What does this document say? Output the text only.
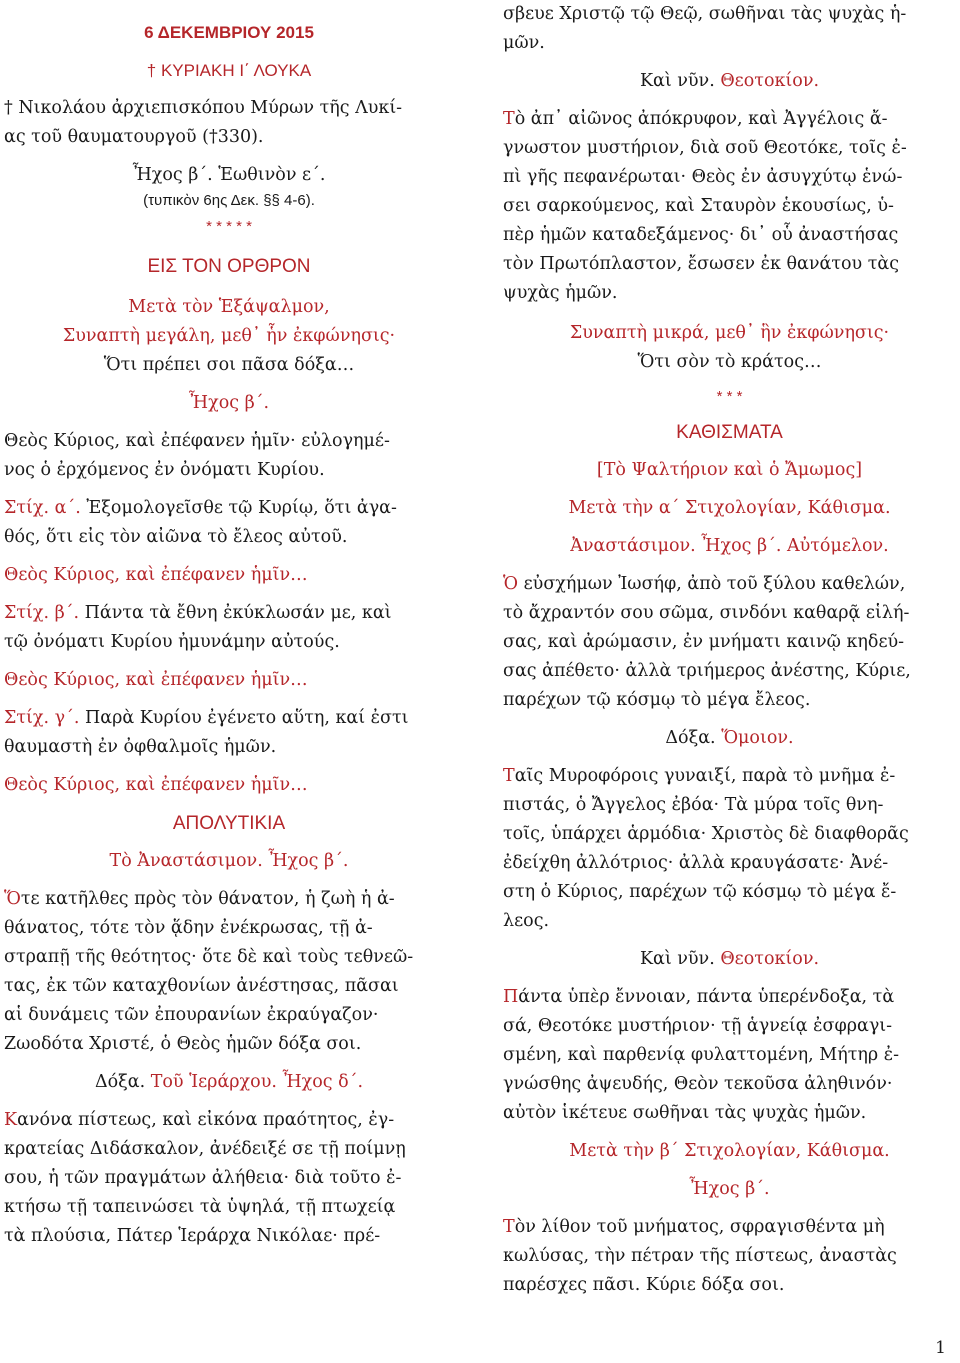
6 ΔΕΚΕΜΒΡΙΟΥ 2015

† ΚΥΡΙΑΚΗ Ι΄ ΛΟΥΚΑ

† Νικολάου ἀρχιεπισκόπου Μύρων τῆς Λυκί-

ας τοῦ θαυματουργοῦ (†330).

Ἦχος β΄. Ἑωθινὸν ε΄.

(τυπικὸν 6ης Δεκ. §§ 4-6).

* * * * *

ΕΙΣ ΤΟΝ ΟΡΘΡΟΝ

Μετὰ τὸν Ἑξάψαλμον,

Συναπτὴ μεγάλη, μεθ᾿ ἧν ἐκφώνησις·

Ὅτι πρέπει σοι πᾶσα δόξα…

Ἦχος β΄.

Θεὸς Κύριος, καὶ ἐπέφανεν ἡμῖν· εὐλογημέ-

νος ὁ ἐρχόμενος ἐν ὀνόματι Κυρίου.

Στίχ. α΄. Ἐξομολογεῖσθε τῷ Κυρίῳ, ὅτι ἀγα-

θός, ὅτι εἰς τὸν αἰῶνα τὸ ἔλεος αὐτοῦ.

Θεὸς Κύριος, καὶ ἐπέφανεν ἡμῖν…

Στίχ. β΄. Πάντα τὰ ἔθνη ἐκύκλωσάν με, καὶ

τῷ ὀνόματι Κυρίου ἠμυνάμην αὐτούς.

Θεὸς Κύριος, καὶ ἐπέφανεν ἡμῖν…

Στίχ. γ΄. Παρὰ Κυρίου ἐγένετο αὕτη, καί ἐστι

θαυμαστὴ ἐν ὀφθαλμοῖς ἡμῶν.

Θεὸς Κύριος, καὶ ἐπέφανεν ἡμῖν…

ΑΠΟΛΥΤΙΚΙΑ

Τὸ Ἀναστάσιμον. Ἦχος β΄.

Ὅτε κατῆλθες πρὸς τὸν θάνατον, ἡ ζωὴ ἡ ἀ-

θάνατος, τότε τὸν ᾅδην ἐνέκρωσας, τῇ ἀ-

στραπῇ τῆς θεότητος· ὅτε δὲ καὶ τοὺς τεθνεῶ-

τας, ἐκ τῶν καταχθονίων ἀνέστησας, πᾶσαι

αἱ δυνάμεις τῶν ἐπουρανίων ἐκραύγαζον·

Ζωοδότα Χριστέ, ὁ Θεὸς ἡμῶν δόξα σοι.

Δόξα. Τοῦ Ἱεράρχου. Ἦχος δ΄.

Κανόνα πίστεως, καὶ εἰκόνα πραότητος, ἐγ-

κρατείας Διδάσκαλον, ἀνέδειξέ σε τῇ ποίμνῃ

σου, ἡ τῶν πραγμάτων ἀλήθεια· διὰ τοῦτο ἐ-

κτήσω τῇ ταπεινώσει τὰ ὑψηλά, τῇ πτωχείᾳ

τὰ πλούσια, Πάτερ Ἱεράρχα Νικόλαε· πρέ-

σβευε Χριστῷ τῷ Θεῷ, σωθῆναι τὰς ψυχὰς ἡ-

μῶν.

Καὶ νῦν. Θεοτοκίον.

Τὸ ἀπ᾿ αἰῶνος ἀπόκρυφον, καὶ Ἀγγέλοις ἄ-

γνωστον μυστήριον, διὰ σοῦ Θεοτόκε, τοῖς ἐ-

πὶ γῆς πεφανέρωται· Θεὸς ἐν ἀσυγχύτῳ ἑνώ-

σει σαρκούμενος, καὶ Σταυρὸν ἑκουσίως, ὑ-

πὲρ ἡμῶν καταδεξάμενος· δι᾿ οὗ ἀναστήσας

τὸν Πρωτόπλαστον, ἔσωσεν ἐκ θανάτου τὰς

ψυχὰς ἡμῶν.

Συναπτὴ μικρά, μεθ᾿ ἣν ἐκφώνησις·

Ὅτι σὸν τὸ κράτος…

* * *

ΚΑΘΙΣΜΑΤΑ

[Τὸ Ψαλτήριον καὶ ὁ Ἄμωμος]

Μετὰ τὴν α΄ Στιχολογίαν, Κάθισμα.

Ἀναστάσιμον. Ἦχος β΄. Αὐτόμελον.

Ὁ εὐσχήμων Ἰωσήφ, ἀπὸ τοῦ ξύλου καθελών,

τὸ ἄχραντόν σου σῶμα, σινδόνι καθαρᾷ εἱλή-

σας, καὶ ἀρώμασιν, ἐν μνήματι καινῷ κηδεύ-

σας ἀπέθετο· ἀλλὰ τριήμερος ἀνέστης, Κύριε,

παρέχων τῷ κόσμῳ τὸ μέγα ἔλεος.

Δόξα. Ὅμοιον.

Ταῖς Μυροφόροις γυναιξί, παρὰ τὸ μνῆμα ἐ-

πιστάς, ὁ Ἄγγελος ἐβόα· Τὰ μύρα τοῖς θνη-

τοῖς, ὑπάρχει ἁρμόδια· Χριστὸς δὲ διαφθορᾶς

ἐδείχθη ἀλλότριος· ἀλλὰ κραυγάσατε· Ἀνέ-

στη ὁ Κύριος, παρέχων τῷ κόσμῳ τὸ μέγα ἔ-

λεος.

Καὶ νῦν. Θεοτοκίον.

Πάντα ὑπὲρ ἔννοιαν, πάντα ὑπερένδοξα, τὰ

σά, Θεοτόκε μυστήριον· τῇ ἁγνείᾳ ἐσφραγι-

σμένη, καὶ παρθενίᾳ φυλαττομένη, Μήτηρ ἐ-

γνώσθης ἀψευδής, Θεὸν τεκοῦσα ἀληθινόν·

αὐτὸν ἱκέτευε σωθῆναι τὰς ψυχὰς ἡμῶν.

Μετὰ τὴν β΄ Στιχολογίαν, Κάθισμα.

Ἦχος β΄.

Τὸν λίθον τοῦ μνήματος, σφραγισθέντα μὴ

κωλύσας, τὴν πέτραν τῆς πίστεως, ἀναστὰς

παρέσχες πᾶσι. Κύριε δόξα σοι.

1
